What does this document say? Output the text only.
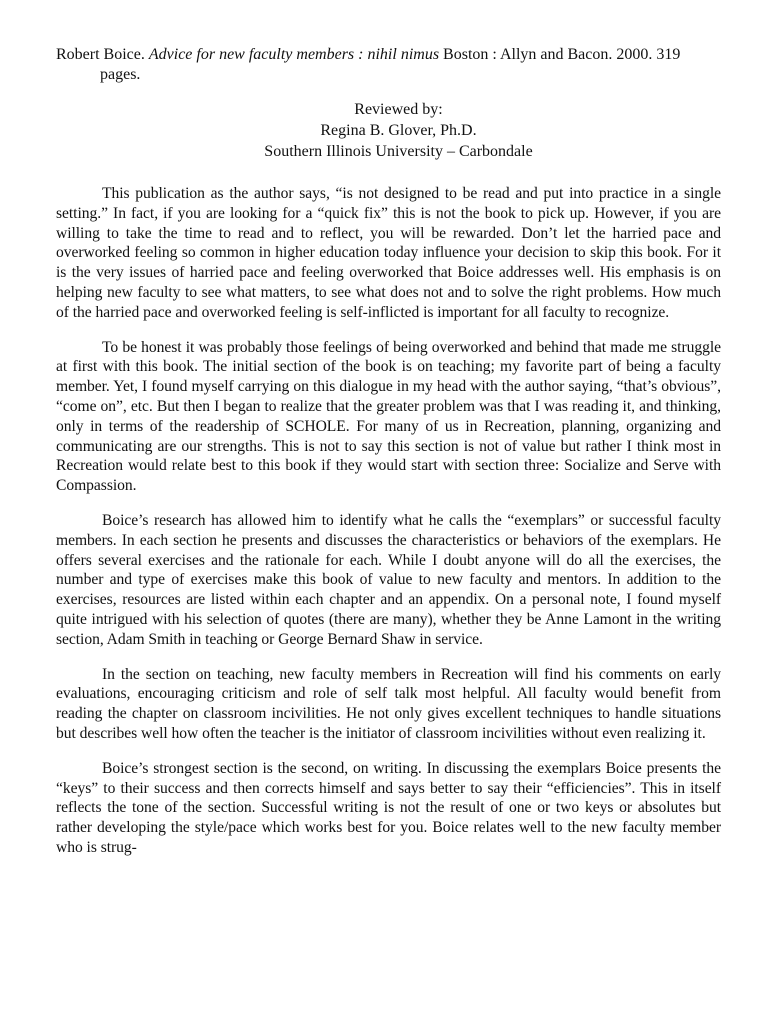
Robert Boice. Advice for new faculty members : nihil nimus Boston : Allyn and Bacon. 2000. 319 pages.

Reviewed by:
Regina B. Glover, Ph.D.
Southern Illinois University – Carbondale

This publication as the author says, “is not designed to be read and put into practice in a single setting.” In fact, if you are looking for a “quick fix” this is not the book to pick up. However, if you are willing to take the time to read and to reflect, you will be rewarded. Don’t let the harried pace and overworked feeling so common in higher education today influence your decision to skip this book. For it is the very issues of harried pace and feeling overworked that Boice addresses well. His emphasis is on helping new faculty to see what matters, to see what does not and to solve the right problems. How much of the harried pace and overworked feeling is self-inflicted is important for all faculty to recognize.

To be honest it was probably those feelings of being overworked and behind that made me struggle at first with this book. The initial section of the book is on teaching; my favorite part of being a faculty member. Yet, I found myself carrying on this dialogue in my head with the author saying, “that’s obvious”, “come on”, etc. But then I began to realize that the greater problem was that I was reading it, and thinking, only in terms of the readership of SCHOLE. For many of us in Recreation, planning, organizing and communicating are our strengths. This is not to say this section is not of value but rather I think most in Recreation would relate best to this book if they would start with section three: Socialize and Serve with Compassion.

Boice’s research has allowed him to identify what he calls the “exemplars” or successful faculty members. In each section he presents and discusses the characteristics or behaviors of the exemplars. He offers several exercises and the rationale for each. While I doubt anyone will do all the exercises, the number and type of exercises make this book of value to new faculty and mentors. In addition to the exercises, resources are listed within each chapter and an appendix. On a personal note, I found myself quite intrigued with his selection of quotes (there are many), whether they be Anne Lamont in the writing section, Adam Smith in teaching or George Bernard Shaw in service.

In the section on teaching, new faculty members in Recreation will find his comments on early evaluations, encouraging criticism and role of self talk most helpful. All faculty would benefit from reading the chapter on classroom incivilities. He not only gives excellent techniques to handle situations but describes well how often the teacher is the initiator of classroom incivilities without even realizing it.

Boice’s strongest section is the second, on writing. In discussing the exemplars Boice presents the “keys” to their success and then corrects himself and says better to say their “efficiencies”. This in itself reflects the tone of the section. Successful writing is not the result of one or two keys or absolutes but rather developing the style/pace which works best for you. Boice relates well to the new faculty member who is strug-
